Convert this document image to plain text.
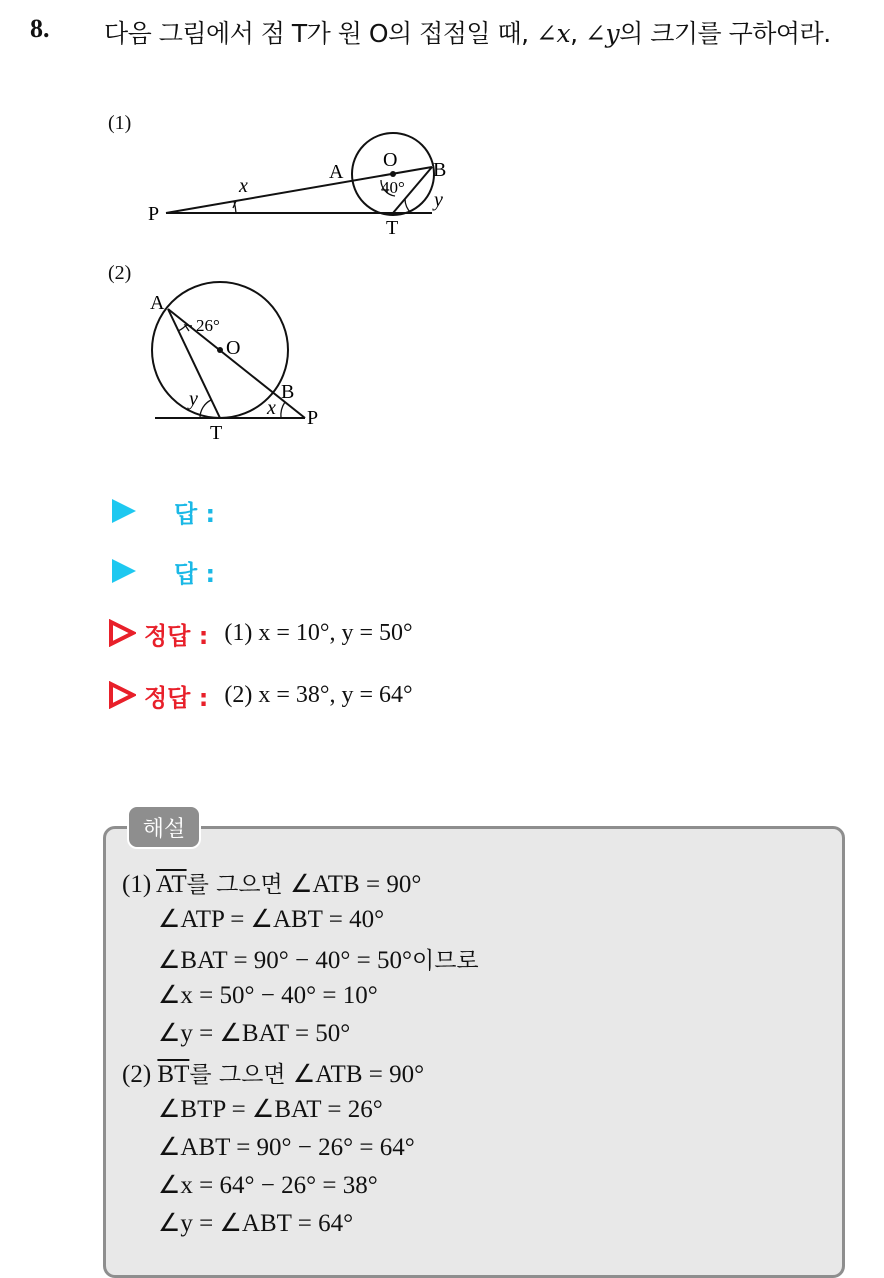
8. 다음 그림에서 점 T가 원 O의 접점일 때, ∠x, ∠y의 크기를 구하여라.
(1)
P
A
O B
T
x
y
40°
(2)
A
O
B
T
P
26°
y	x
답 :
답 :
정답 : (1) x = 10°, y = 50°
정답 : (2) x = 38°, y = 64°
해설
(1) $\overline{AT}$를 그으면 ∠ATB = 90°
∠ATP = ∠ABT = 40°
∠BAT = 90° − 40° = 50°이므로
∠x = 50° − 40° = 10°
∠y = ∠BAT = 50°
(2) $\overline{BT}$를 그으면 ∠ATB = 90°
∠BTP = ∠BAT = 26°
∠ABT = 90° − 26° = 64°
∠x = 64° − 26° = 38°
∠y = ∠ABT = 64°
